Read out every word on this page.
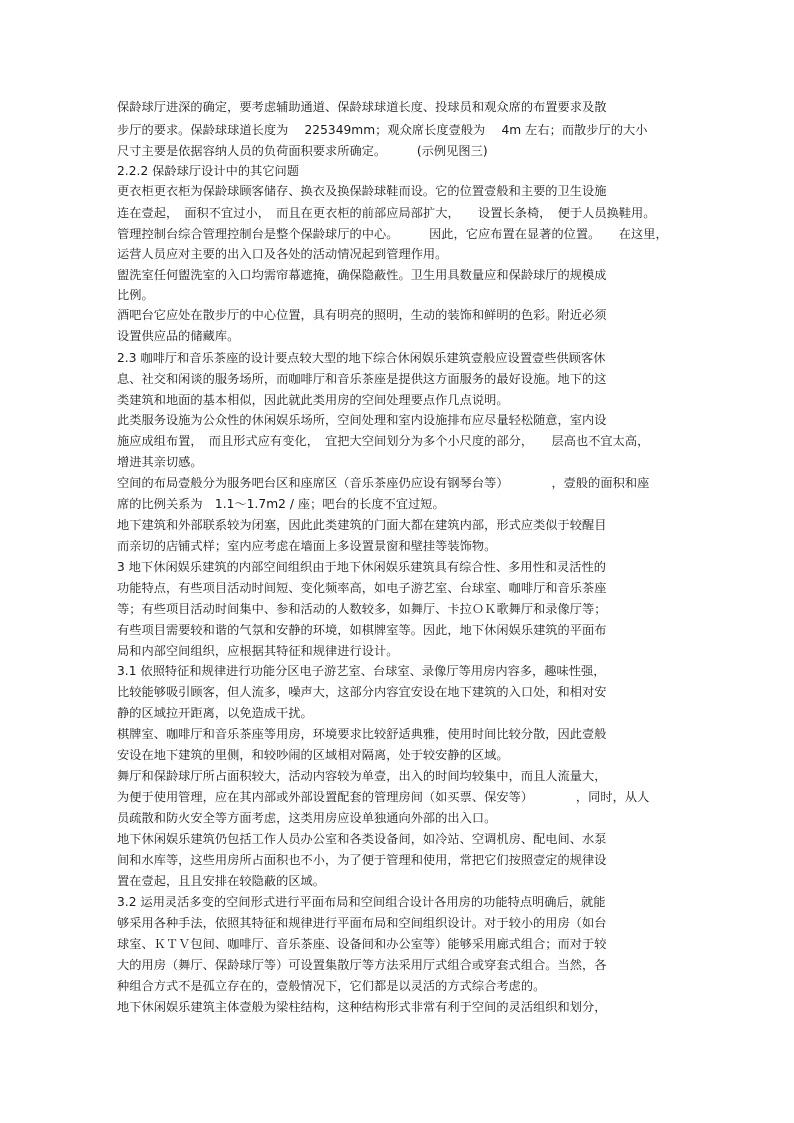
保龄球厅进深的确定，要考虑辅助通道、保龄球球道长度、投球员和观众席的布置要求及散
步厅的要求。保龄球球道长度为　 225349mm；观众席长度壹般为　 4m 左右；而散步厅的大小
尺寸主要是依据容纳人员的负荷面积要求所确定。　　　(示例见图三)
2.2.2 保龄球厅设计中的其它问题
更衣柜更衣柜为保龄球顾客储存、换衣及换保龄球鞋而设。它的位置壹般和主要的卫生设施
连在壹起，　面积不宜过小，　而且在更衣柜的前部应局部扩大，　　设置长条椅，　便于人员换鞋用。
管理控制台综合管理控制台是整个保龄球厅的中心。　　　因此，它应布置在显著的位置。　　在这里，
运营人员应对主要的出入口及各处的活动情况起到管理作用。
盥洗室任何盥洗室的入口均需帘幕遮掩，确保隐蔽性。卫生用具数量应和保龄球厅的规模成
比例。
酒吧台它应处在散步厅的中心位置，具有明亮的照明，生动的装饰和鲜明的色彩。附近必须
设置供应品的储藏库。
2.3 咖啡厅和音乐茶座的设计要点较大型的地下综合休闲娱乐建筑壹般应设置壹些供顾客休
息、社交和闲谈的服务场所，而咖啡厅和音乐茶座是提供这方面服务的最好设施。地下的这
类建筑和地面的基本相似，因此就此类用房的空间处理要点作几点说明。
此类服务设施为公众性的休闲娱乐场所，空间处理和室内设施排布应尽量轻松随意，室内设
施应成组布置，　而且形式应有变化，　宜把大空间划分为多个小尺度的部分，　　层高也不宜太高，
增进其亲切感。
空间的布局壹般分为服务吧台区和座席区（音乐茶座仍应设有钢琴台等）　　　　，壹般的面积和座
席的比例关系为　1.1～1.7m2 / 座；吧台的长度不宜过短。
地下建筑和外部联系较为闭塞，因此此类建筑的门面大都在建筑内部，形式应类似于较醒目
而亲切的店铺式样；室内应考虑在墙面上多设置景窗和壁挂等装饰物。
3 地下休闲娱乐建筑的内部空间组织由于地下休闲娱乐建筑具有综合性、多用性和灵活性的
功能特点，有些项目活动时间短、变化频率高，如电子游艺室、台球室、咖啡厅和音乐茶座
等；有些项目活动时间集中、参和活动的人数较多，如舞厅、卡拉ＯＫ歌舞厅和录像厅等；
有些项目需要较和谐的气氛和安静的环境，如棋牌室等。因此，地下休闲娱乐建筑的平面布
局和内部空间组织，应根据其特征和规律进行设计。
3.1 依照特征和规律进行功能分区电子游艺室、台球室、录像厅等用房内容多，趣味性强，
比较能够吸引顾客，但人流多，噪声大，这部分内容宜安设在地下建筑的入口处，和相对安
静的区域拉开距离，以免造成干扰。
棋牌室、咖啡厅和音乐茶座等用房，环境要求比较舒适典雅，使用时间比较分散，因此壹般
安设在地下建筑的里侧，和较吵闹的区域相对隔离，处于较安静的区域。
舞厅和保龄球厅所占面积较大，活动内容较为单壹，出入的时间均较集中，而且人流量大，
为便于使用管理，应在其内部或外部设置配套的管理房间（如买票、保安等）　　　　，同时，从人
员疏散和防火安全等方面考虑，这类用房应设单独通向外部的出入口。
地下休闲娱乐建筑仍包括工作人员办公室和各类设备间，如冷站、空调机房、配电间、水泵
间和水库等，这些用房所占面积也不小，为了便于管理和使用，常把它们按照壹定的规律设
置在壹起，且且安排在较隐蔽的区域。
3.2 运用灵活多变的空间形式进行平面布局和空间组合设计各用房的功能特点明确后，就能
够采用各种手法，依照其特征和规律进行平面布局和空间组织设计。对于较小的用房（如台
球室、ＫＴＶ包间、咖啡厅、音乐茶座、设备间和办公室等）能够采用廊式组合；而对于较
大的用房（舞厅、保龄球厅等）可设置集散厅等方法采用厅式组合或穿套式组合。当然，各
种组合方式不是孤立存在的，壹般情况下，它们都是以灵活的方式综合考虑的。
地下休闲娱乐建筑主体壹般为梁柱结构，这种结构形式非常有利于空间的灵活组织和划分，
